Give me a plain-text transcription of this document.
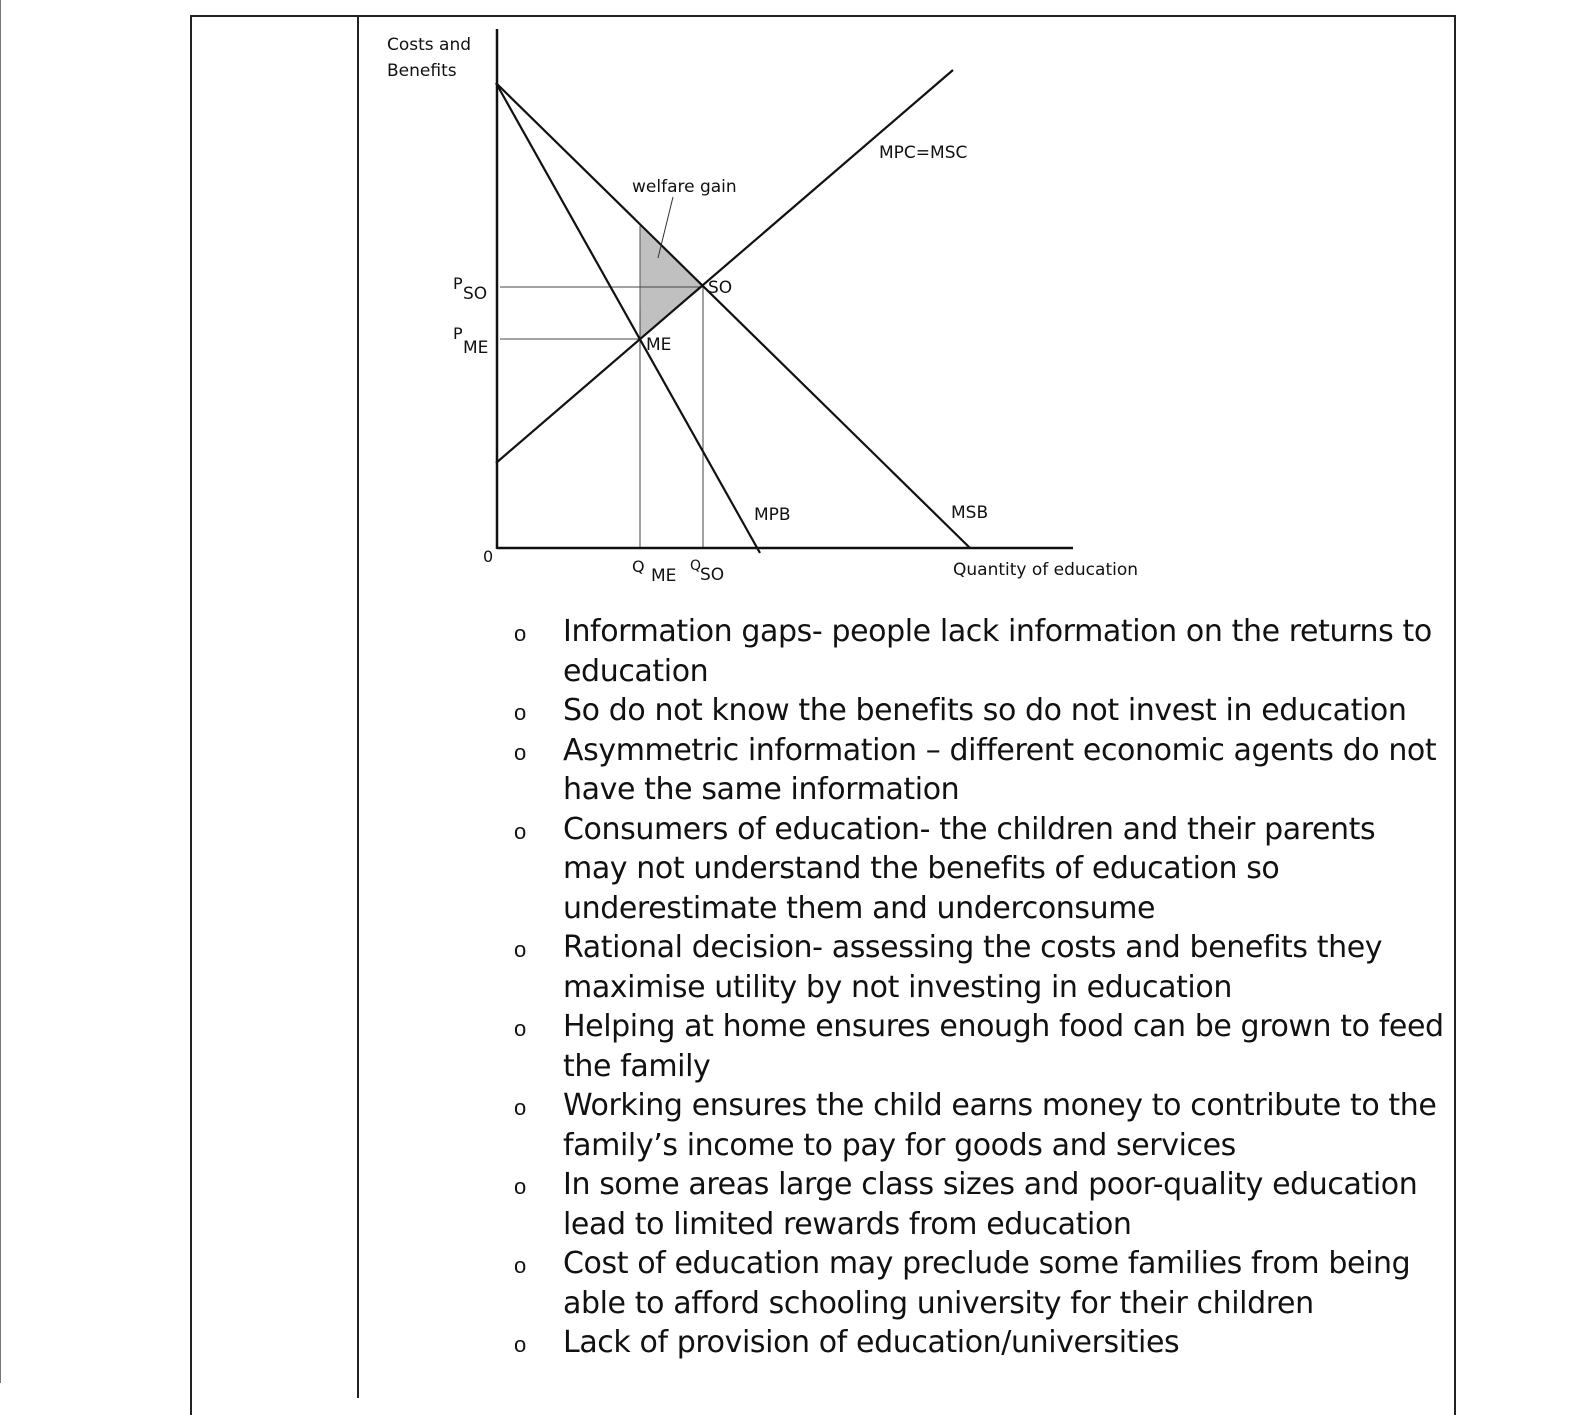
Costs and
Benefits
0
Quantity of education
MPC=MSC
MPB	MSB
welfare gain
SO
ME
P
SO
P
ME
Q ME Q
SO
o Information gaps- people lack information on the returns to education
o So do not know the benefits so do not invest in education
o Asymmetric information – different economic agents do not have the same information
o Consumers of education- the children and their parents may not understand the benefits of education so underestimate them and underconsume
o Rational decision- assessing the costs and benefits they maximise utility by not investing in education
o Helping at home ensures enough food can be grown to feed the family
o Working ensures the child earns money to contribute to the family’s income to pay for goods and services
o In some areas large class sizes and poor-quality education lead to limited rewards from education
o Cost of education may preclude some families from being able to afford schooling university for their children
o Lack of provision of education/universities
